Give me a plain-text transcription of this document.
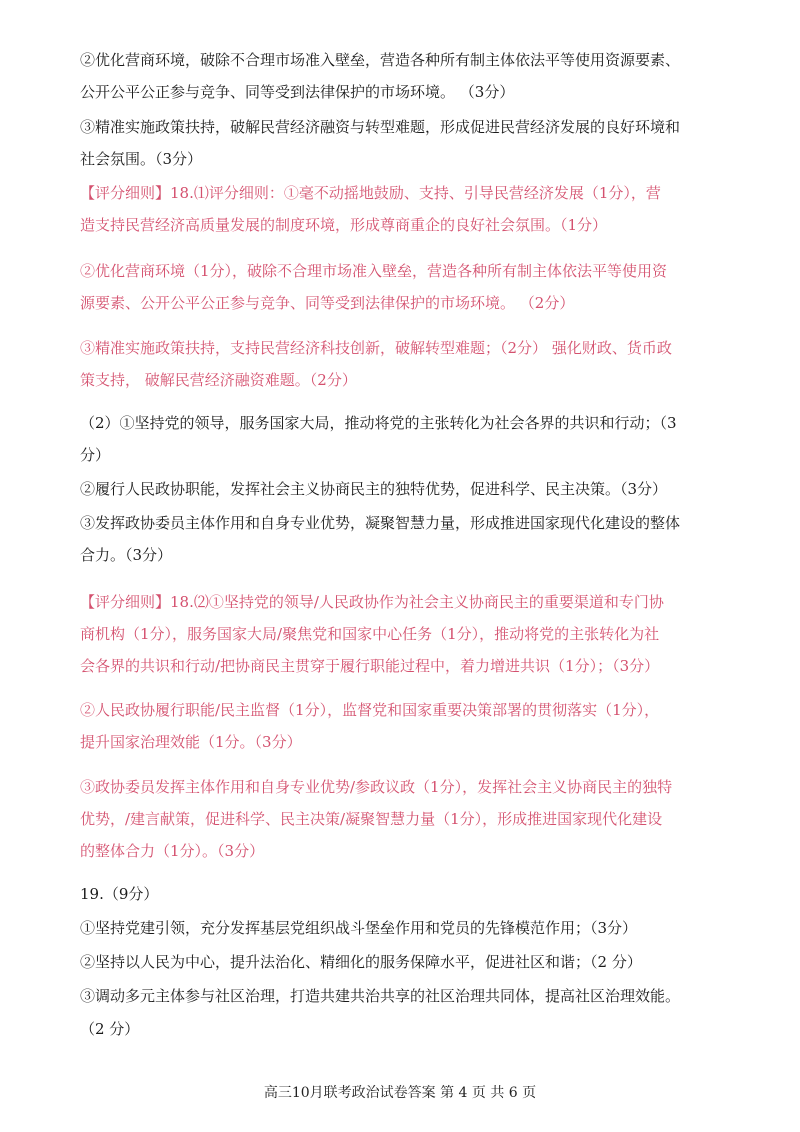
②优化营商环境，破除不合理市场准入壁垒，营造各种所有制主体依法平等使用资源要素、
公开公平公正参与竞争、同等受到法律保护的市场环境。 （3分）
③精准实施政策扶持，破解民营经济融资与转型难题，形成促进民营经济发展的良好环境和
社会氛围。（3分）
【评分细则】18.⑴评分细则：①毫不动摇地鼓励、支持、引导民营经济发展（1分），营
造支持民营经济高质量发展的制度环境，形成尊商重企的良好社会氛围。（1分）
②优化营商环境（1分），破除不合理市场准入壁垒，营造各种所有制主体依法平等使用资
源要素、公开公平公正参与竞争、同等受到法律保护的市场环境。 （2分）
③精准实施政策扶持，支持民营经济科技创新，破解转型难题；（2分） 强化财政、货币政
策支持， 破解民营经济融资难题。（2分）
（2）①坚持党的领导，服务国家大局，推动将党的主张转化为社会各界的共识和行动；（3
分）
②履行人民政协职能，发挥社会主义协商民主的独特优势，促进科学、民主决策。（3分）
③发挥政协委员主体作用和自身专业优势，凝聚智慧力量，形成推进国家现代化建设的整体
合力。（3分）
【评分细则】18.⑵①坚持党的领导/人民政协作为社会主义协商民主的重要渠道和专门协
商机构（1分），服务国家大局/聚焦党和国家中心任务（1分），推动将党的主张转化为社
会各界的共识和行动/把协商民主贯穿于履行职能过程中，着力增进共识（1分）；（3分）
②人民政协履行职能/民主监督（1分），监督党和国家重要决策部署的贯彻落实（1分），
提升国家治理效能（1分。（3分）
③政协委员发挥主体作用和自身专业优势/参政议政（1分），发挥社会主义协商民主的独特
优势，/建言献策，促进科学、民主决策/凝聚智慧力量（1分），形成推进国家现代化建设
的整体合力（1分）。（3分）
19.（9分）
①坚持党建引领，充分发挥基层党组织战斗堡垒作用和党员的先锋模范作用；（3分）
②坚持以人民为中心，提升法治化、精细化的服务保障水平，促进社区和谐；（2 分）
③调动多元主体参与社区治理，打造共建共治共享的社区治理共同体，提高社区治理效能。
（2 分）
高三10月联考政治试卷答案 第 4 页 共 6 页
